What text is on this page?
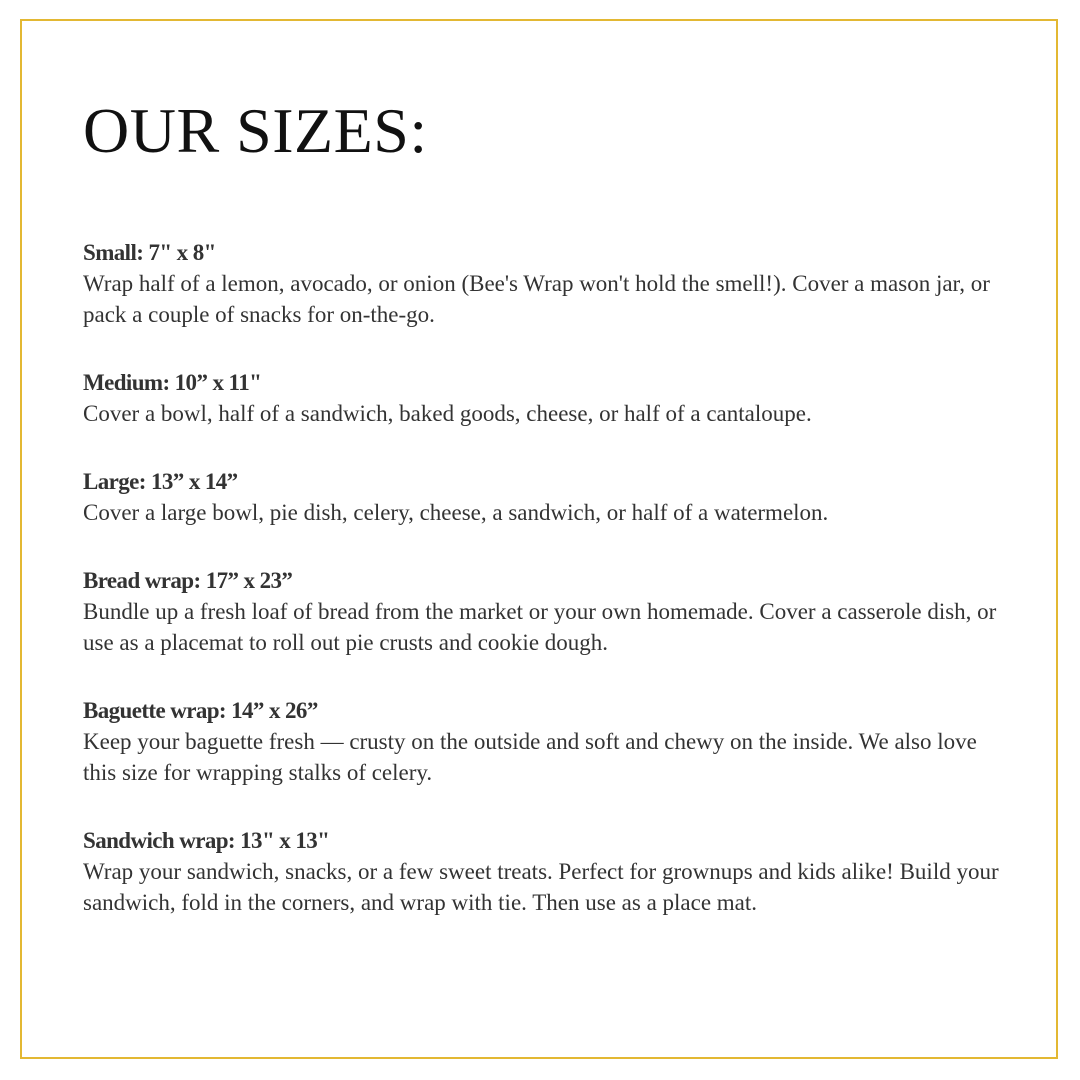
OUR SIZES:
Small: 7" x 8"
Wrap half of a lemon, avocado, or onion (Bee's Wrap won't hold the smell!). Cover a mason jar, or pack a couple of snacks for on-the-go.
Medium: 10” x 11"
Cover a bowl, half of a sandwich, baked goods, cheese, or half of a cantaloupe.
Large: 13” x 14”
Cover a large bowl, pie dish, celery, cheese, a sandwich, or half of a watermelon.
Bread wrap: 17” x 23”
Bundle up a fresh loaf of bread from the market or your own homemade. Cover a casserole dish, or use as a placemat to roll out pie crusts and cookie dough.
Baguette wrap: 14” x 26”
Keep your baguette fresh — crusty on the outside and soft and chewy on the inside. We also love this size for wrapping stalks of celery.
Sandwich wrap: 13" x 13"
Wrap your sandwich, snacks, or a few sweet treats. Perfect for grownups and kids alike! Build your sandwich, fold in the corners, and wrap with tie. Then use as a place mat.
